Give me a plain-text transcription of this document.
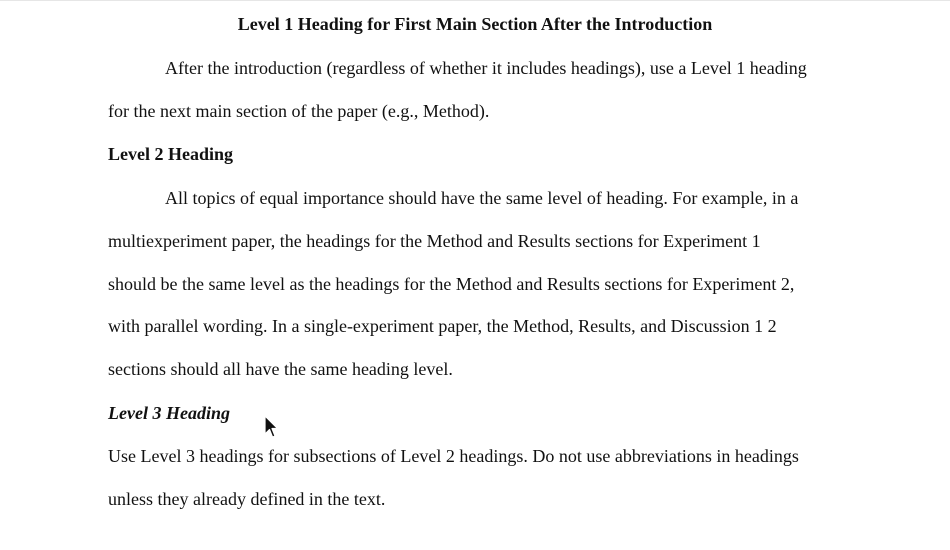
Level 1 Heading for First Main Section After the Introduction
After the introduction (regardless of whether it includes headings), use a Level 1 heading
for the next main section of the paper (e.g., Method).
Level 2 Heading
All topics of equal importance should have the same level of heading. For example, in a
multiexperiment paper, the headings for the Method and Results sections for Experiment 1
should be the same level as the headings for the Method and Results sections for Experiment 2,
with parallel wording. In a single-experiment paper, the Method, Results, and Discussion 1 2
sections should all have the same heading level.
Level 3 Heading
Use Level 3 headings for subsections of Level 2 headings. Do not use abbreviations in headings
unless they already defined in the text.
